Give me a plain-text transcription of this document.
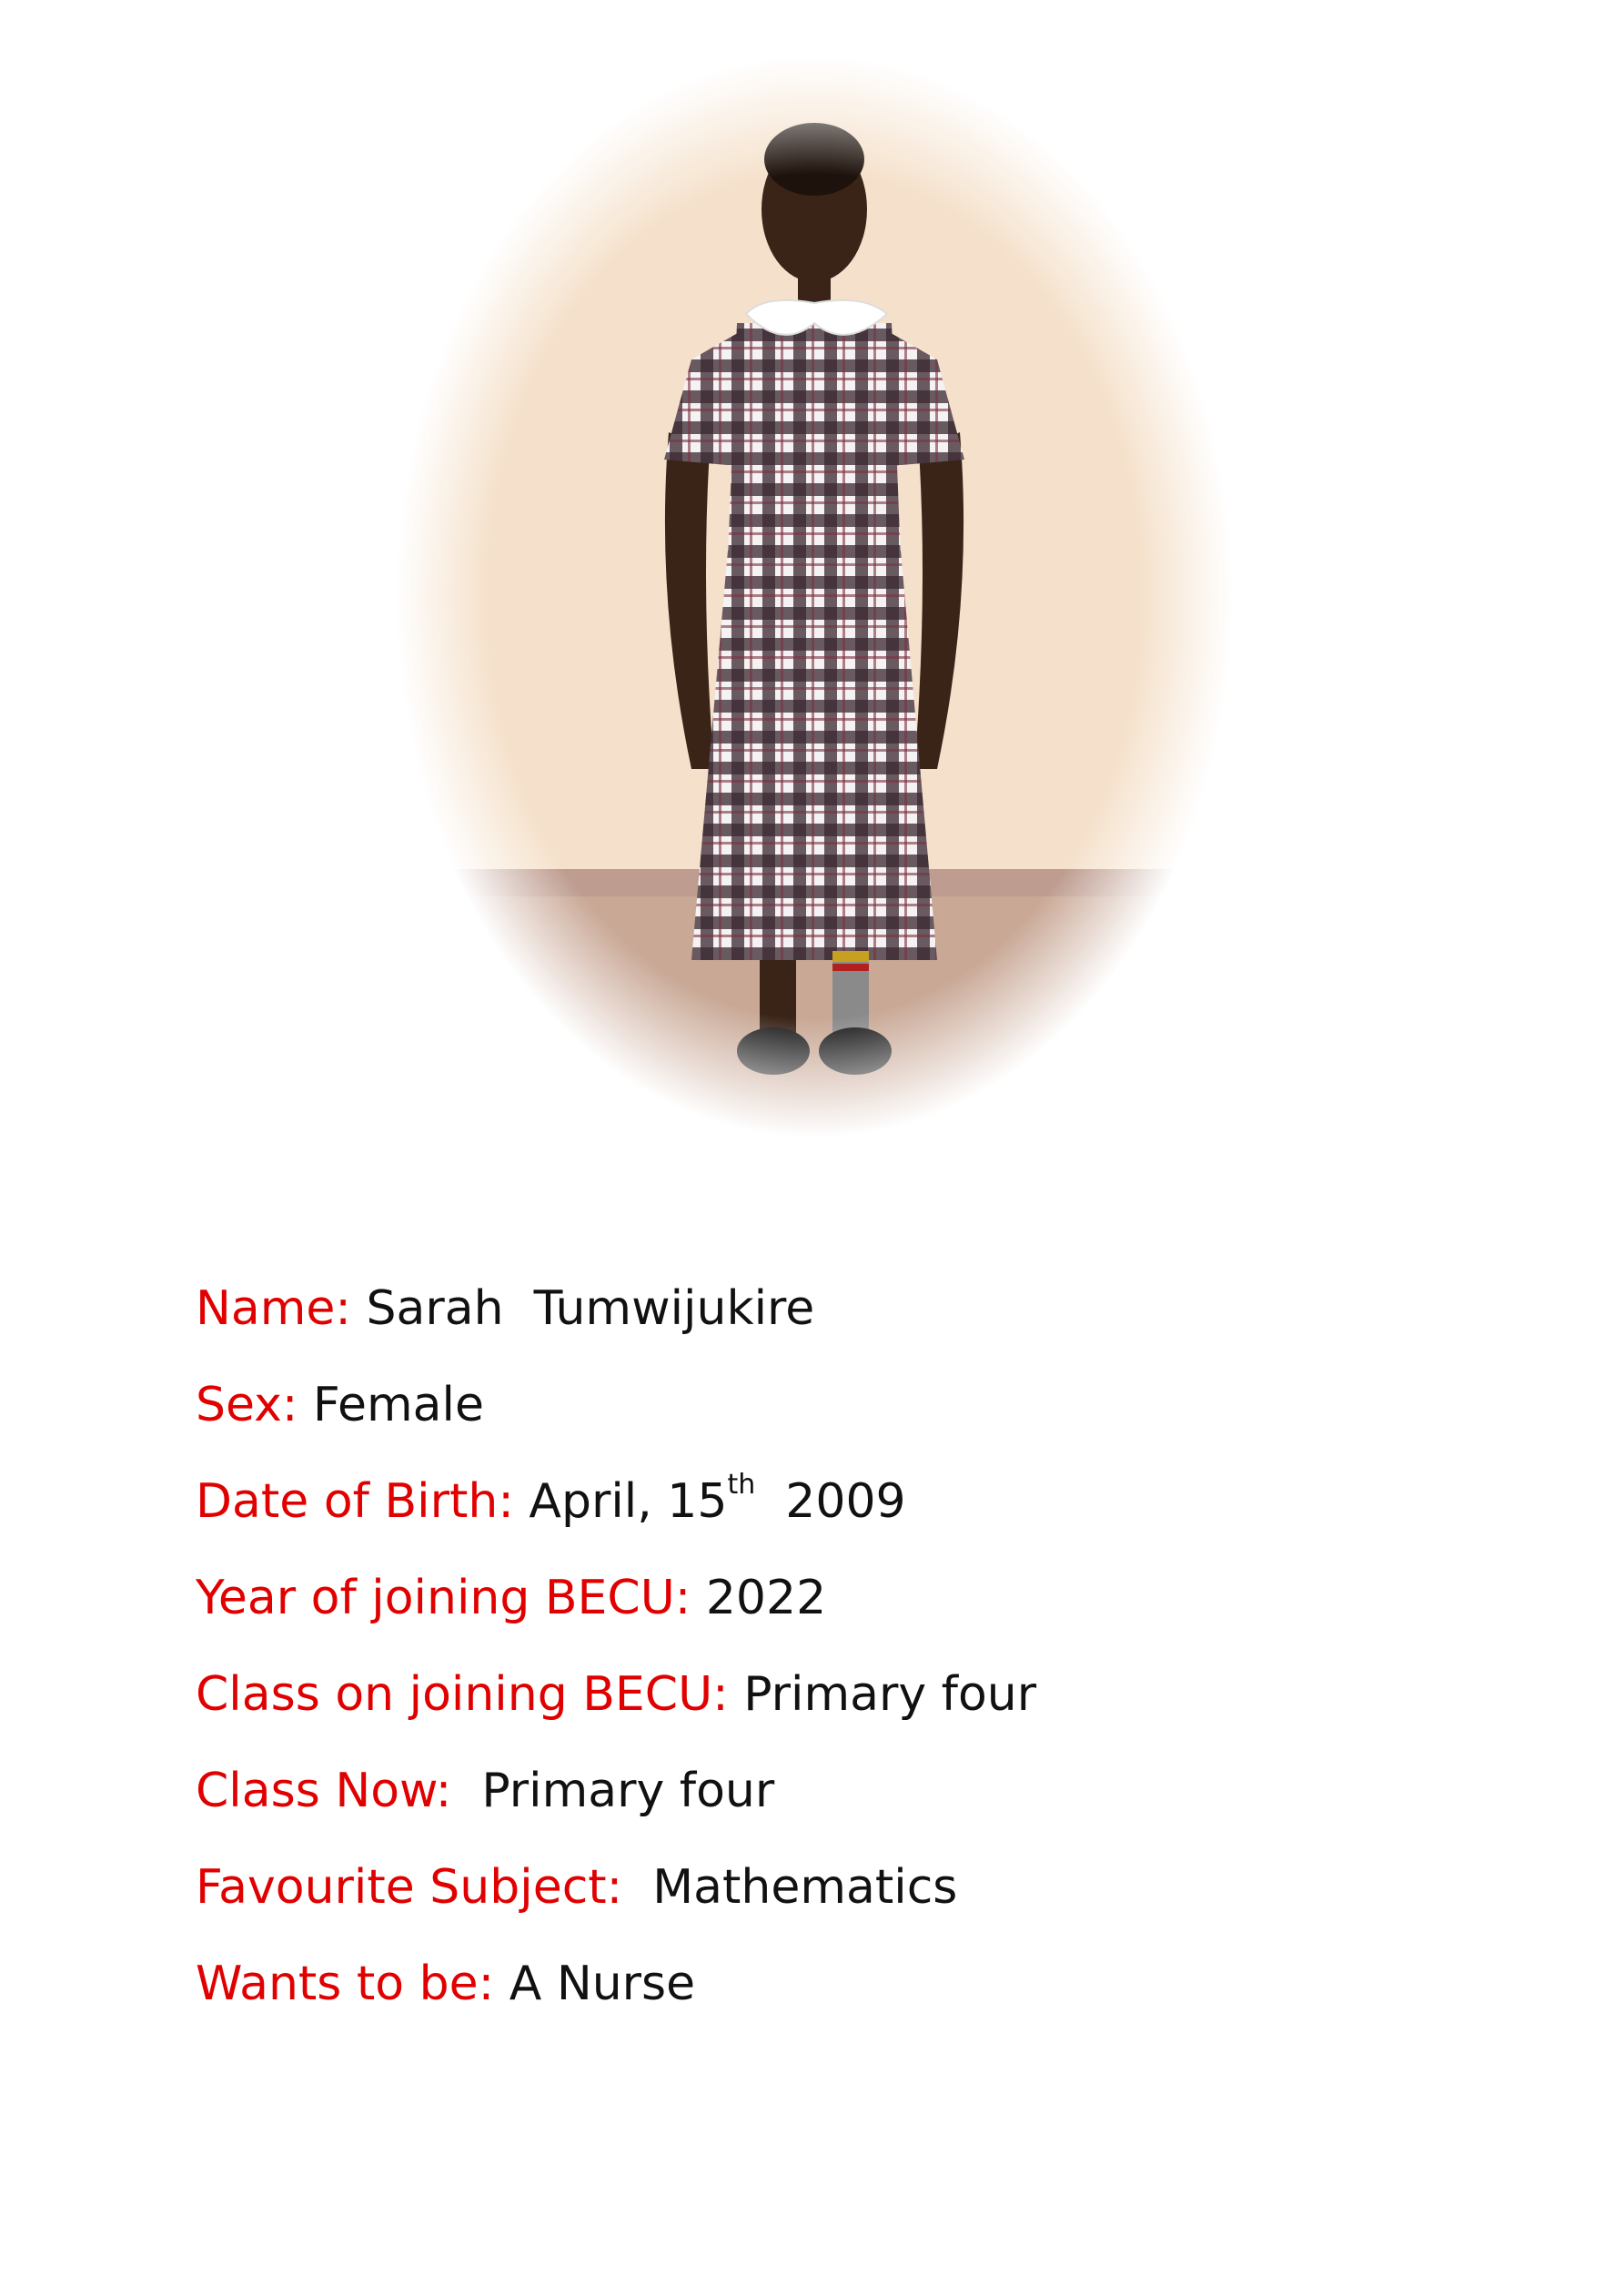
Name: Sarah  Tumwijukire
Sex: Female
Date of Birth: April, 15th  2009
Year of joining BECU: 2022
Class on joining BECU: Primary four
Class Now: Primary four
Favourite Subject: Mathematics
Wants to be: A Nurse
